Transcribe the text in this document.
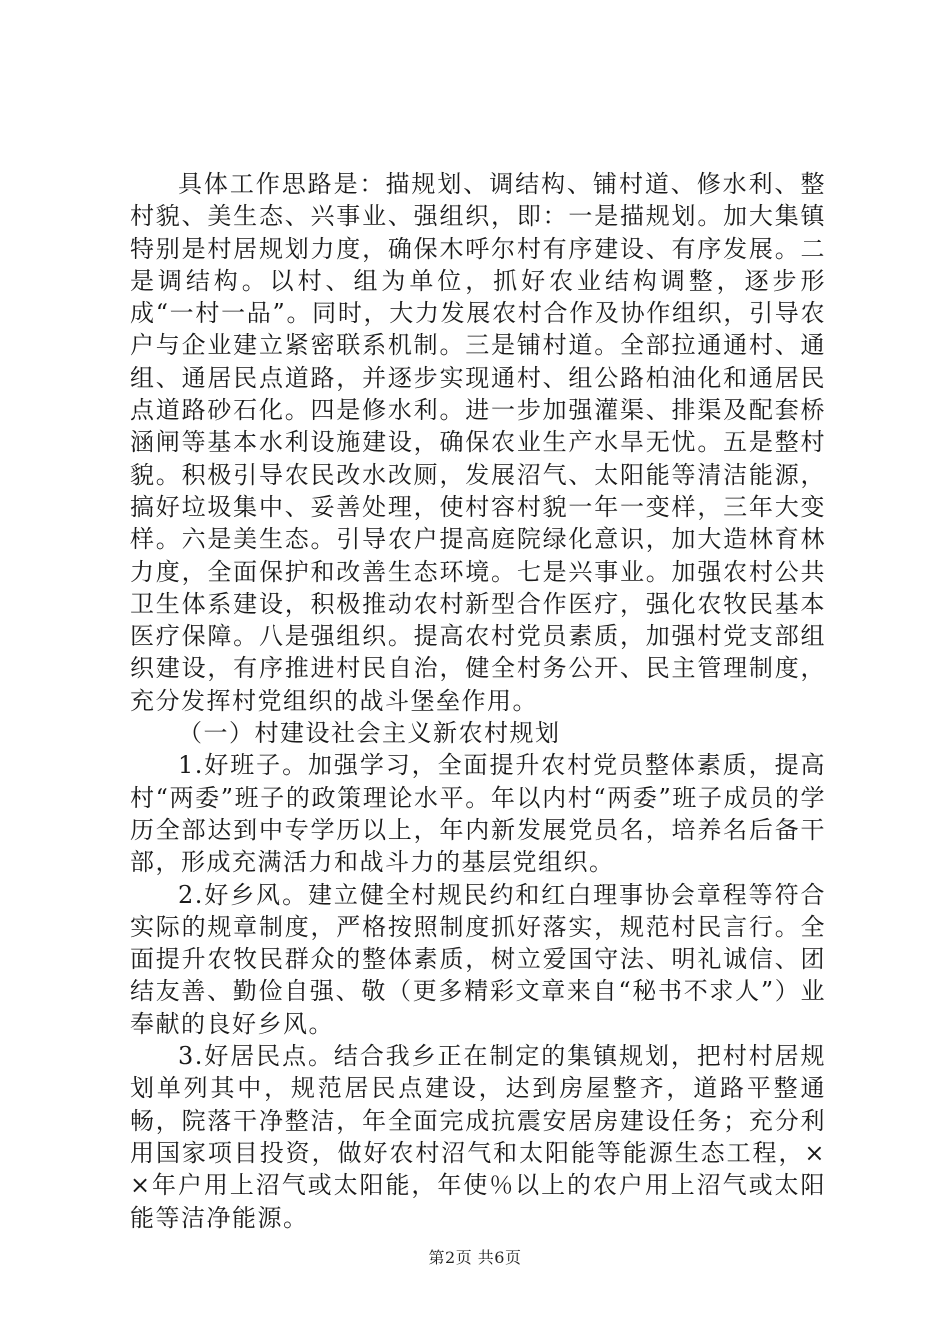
具体工作思路是：描规划、调结构、铺村道、修水利、整村貌、美生态、兴事业、强组织，即：一是描规划。加大集镇特别是村居规划力度，确保木呼尔村有序建设、有序发展。二是调结构。以村、组为单位，抓好农业结构调整，逐步形成“一村一品”。同时，大力发展农村合作及协作组织，引导农户与企业建立紧密联系机制。三是铺村道。全部拉通通村、通组、通居民点道路，并逐步实现通村、组公路柏油化和通居民点道路砂石化。四是修水利。进一步加强灌渠、排渠及配套桥涵闸等基本水利设施建设，确保农业生产水旱无忧。五是整村貌。积极引导农民改水改厕，发展沼气、太阳能等清洁能源，搞好垃圾集中、妥善处理，使村容村貌一年一变样，三年大变样。六是美生态。引导农户提高庭院绿化意识，加大造林育林力度，全面保护和改善生态环境。七是兴事业。加强农村公共卫生体系建设，积极推动农村新型合作医疗，强化农牧民基本医疗保障。八是强组织。提高农村党员素质，加强村党支部组织建设，有序推进村民自治，健全村务公开、民主管理制度，充分发挥村党组织的战斗堡垒作用。

（一）村建设社会主义新农村规划

1.好班子。加强学习，全面提升农村党员整体素质，提高村“两委”班子的政策理论水平。年以内村“两委”班子成员的学历全部达到中专学历以上，年内新发展党员名，培养名后备干部，形成充满活力和战斗力的基层党组织。

2.好乡风。建立健全村规民约和红白理事协会章程等符合实际的规章制度，严格按照制度抓好落实，规范村民言行。全面提升农牧民群众的整体素质，树立爱国守法、明礼诚信、团结友善、勤俭自强、敬（更多精彩文章来自“秘书不求人”）业奉献的良好乡风。

3.好居民点。结合我乡正在制定的集镇规划，把村村居规划单列其中，规范居民点建设，达到房屋整齐，道路平整通畅，院落干净整洁，年全面完成抗震安居房建设任务；充分利用国家项目投资，做好农村沼气和太阳能等能源生态工程，××年户用上沼气或太阳能，年使％以上的农户用上沼气或太阳能等洁净能源。

第2页 共6页
